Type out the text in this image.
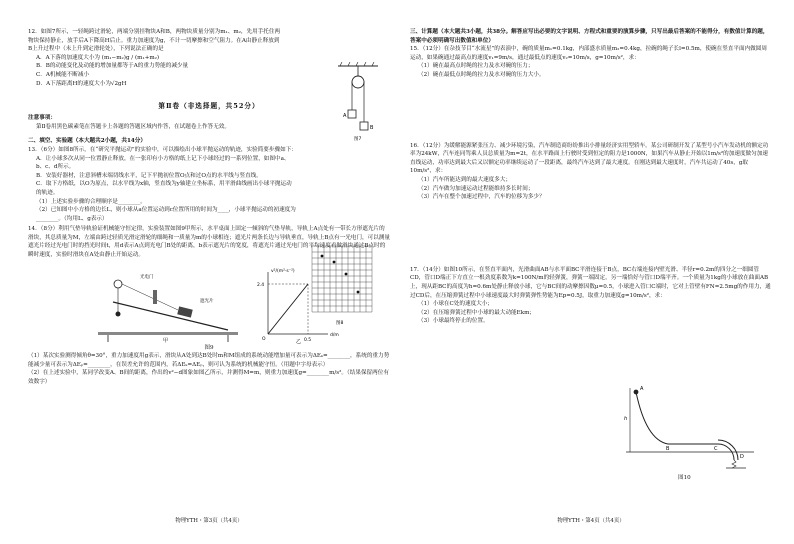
12．如图7所示，一轻绳跨过滑轮，两端分别挂物块A和B，两物块质量分别为m₁、m₂，先用手托住两

物块保持静止，放手后A下降高H后止。重力加速度为g，不计一切摩擦和空气阻力。在A由静止释放到

B上升过程中（未上升到定滑轮处），下列说法正确的是

A．A下落的加速度大小为 (m₁−m₂)g / (m₁+m₂)

B．B的动能变化及动能的增加量都等于A的重力势能的减少量

C．A机械能不断减小

D．A下落距离H的速度大小为√2gH

A
B
图7

第Ⅱ卷（非选择题，共52分）

注意事项：

第Ⅱ卷用黑色碳素笔在答题卡上各题的答题区域内作答，在试题卷上作答无效。

二、填空、实验题（本大题共2小题，共14分）

13．（6分）如图8所示，在“研究平抛运动”的实验中，可以描绘出小球平抛运动的轨迹，实验简要步骤如下：

A．让小球多次从同一位置静止释放，在一张印有小方格的纸上记下小球经过的一系列位置，如图中a、b、c、d所示。

B．安装好器材，注意斜槽末端切线水平，记下平抛初位置O点和过O点的水平线与竖直线。

C．取下方格纸，以O为原点，以水平线为x轴，竖直线为y轴建立坐标系，用平滑曲线画出小球平抛运动的轨迹。

（1）上述实验步骤的合理顺序是________。

（2）已知图中小方格的边长L，则小球从a位置运动到c位置所用的时间为____，小球平抛运动的初速度为________。（均用L、g表示）

图8

14．（8分）利用气垫导轨验证机械能守恒定律，实验装置如图9甲所示，水平桌面上固定一倾斜的气垫导轨，导轨上A点处有一带长方形遮光片的滑块，其总质量为M，左端由跨过轻质光滑定滑轮的细绳和一质量为m的小球相连；遮光片两条长边与导轨垂直，导轨上B点有一光电门，可以测量遮光片经过光电门时的挡光时间t，用d表示A点到光电门B处的距离，b表示遮光片的宽度，将遮光片通过光电门的平均速度看做滑块通过B点时的瞬时速度，实验时滑块在A处由静止开始运动。

光电门
遮光片
甲
v²/(m²·s⁻²)
d/m
2.4
0.5
O	乙

图9

（1）某次实验测得倾角θ=30°，重力加速度用g表示，滑块从A处到达B处时m和M组成的系统动能增加量可表示为ΔEₖ=________，系统的重力势能减少量可表示为ΔEₚ=________，在误差允许的范围内，若ΔEₖ=ΔEₚ，则可认为系统的机械能守恒。（用题中字母表示）

（2）在上述实验中，某同学改变A、B间的距离，作出的v²−d图象如图乙所示，并测得M=m，则重力加速度g=________m/s²。（结果保留两位有效数字）

物理YTH・第3页（共4页）

三、计算题（本大题共3小题，共38分。解答应写出必要的文字说明、方程式和重要的演算步骤，只写出最后答案的不能得分，有数值计算的题，答案中必须明确写出数值和单位）

15．（12分）在杂技节目“水流星”的表演中，碗的质量m₁=0.1kg，内部盛水质量m₂=0.4kg，拉碗的绳子长l=0.5m，使碗在竖直平面内做圆周运动，如果碗通过最高点的速度v₁=9m/s，通过最低点的速度v₂=10m/s，g=10m/s²，求：

（1）碗在最高点时绳的拉力及水对碗的压力；

（2）碗在最低点时绳的拉力及水对碗的压力大小。

16．（12分）为缓解能源紧张压力、减少环境污染，汽车制造商纷纷推出小排量经济实用型轿车。某公司研制开发了某型号小汽车发动机的额定功率为24kW，汽车连同驾乘人员总质量为m=2t，在水平路面上行驶时受到恒定的阻力是1000N，如果汽车从静止开始以1m/s²的加速度做匀加速直线运动，功率达到最大后又以额定功率继续运动了一段距离，最终汽车达到了最大速度。在刚达到最大速度时，汽车共运动了40s，g取10m/s²，求：

（1）汽车所能达到的最大速度多大；

（2）汽车做匀加速运动过程能维持多长时间；

（3）汽车在整个加速过程中，汽车的位移为多少？

17．（14分）如图10所示，在竖直平面内，光滑曲面AB与水平面BC平滑连接于B点，BC右端连接内壁光滑、半径r=0.2m的四分之一细圆管CD，管口D端正下方直立一根劲度系数为k=100N/m的轻弹簧，弹簧一端固定，另一端恰好与管口D端平齐。一个质量为1kg的小球放在曲面AB上，现从距BC的高度为h=0.6m处静止释放小球，它与BC间的动摩擦因数μ=0.5，小球进入管口C端时，它对上管壁有FN=2.5mg的作用力，通过CD后，在压缩弹簧过程中小球速度最大时弹簧弹性势能为Ep=0.5J，取重力加速度g=10m/s²，求：

（1）小球在C处的速度大小；

（2）在压缩弹簧过程中小球的最大动能Ekm；

（3）小球最终停止的位置。

A
B	C
D
h

图10

物理YTH・第4页（共4页）
